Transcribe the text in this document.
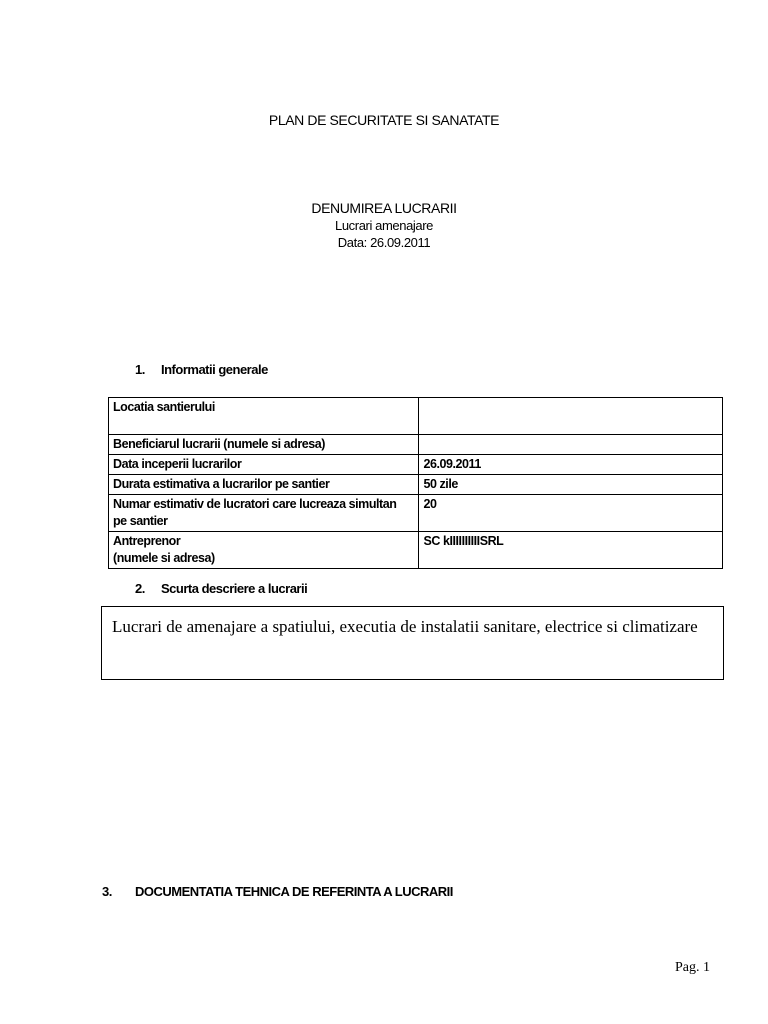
PLAN DE SECURITATE SI SANATATE
DENUMIREA LUCRARII
Lucrari amenajare
Data: 26.09.2011
1. Informatii generale
Locatia santierului	
Beneficiarul lucrarii (numele si adresa)	
Data inceperii lucrarilor	26.09.2011
Durata estimativa a lucrarilor pe santier	50 zile
Numar estimativ de lucratori care lucreaza simultan pe santier	20

Antreprenor
(numele si adresa)	SC kIIIIIIIIIISRL
2. Scurta descriere a lucrarii
Lucrari de amenajare a spatiului, executia de instalatii sanitare, electrice si climatizare
3. DOCUMENTATIA TEHNICA DE REFERINTA A LUCRARII
Pag. 1
